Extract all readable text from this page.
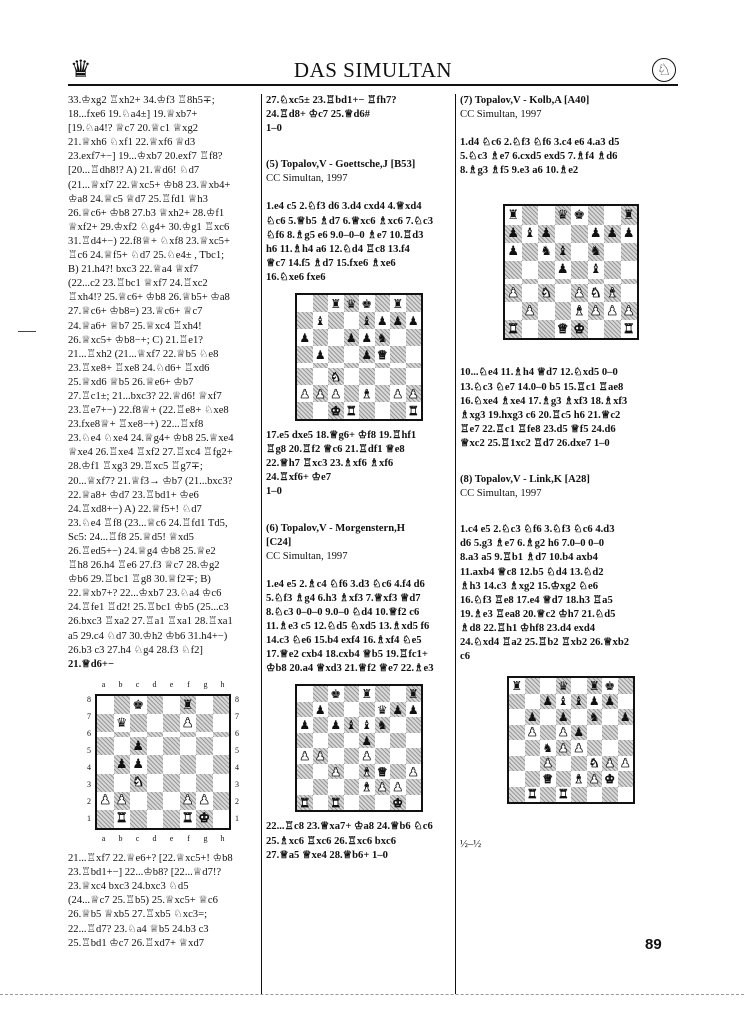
♛	DAS SIMULTAN	♘

33.♔xg2 ♖xh2+ 34.♔f3 ♖8h5∓;

18...fxe6 19.♘a4±] 19.♕xb7+

[19.♘a4!? ♕c7 20.♕c1 ♕xg2

21.♕xh6 ♘xf1 22.♕xf6 ♕d3

23.exf7+−] 19...♔xb7 20.exf7 ♖f8?

[20...♖dh8!? A) 21.♕d6! ♘d7

(21...♕xf7 22.♕xc5+ ♔b8 23.♕xb4+

♔a8 24.♕c5 ♕d7 25.♖fd1 ♕h3

26.♕c6+ ♔b8 27.b3 ♕xh2+ 28.♔f1

♕xf2+ 29.♔xf2 ♘g4+ 30.♔g1 ♖xc6

31.♖d4+−) 22.f8♕+ ♘xf8 23.♕xc5+

♖c6 24.♕f5+ ♘d7 25.♘e4± , Tbc1;

B) 21.h4?! bxc3 22.♕a4 ♕xf7

(22...c2 23.♖bc1 ♕xf7 24.♖xc2

♖xh4!? 25.♕c6+ ♔b8 26.♕b5+ ♔a8

27.♕c6+ ♔b8=) 23.♕c6+ ♕c7

24.♕a6+ ♕b7 25.♕xc4 ♖xh4!

26.♕xc5+ ♔b8−+; C) 21.♖e1?

21...♖xh2 (21...♕xf7 22.♕b5 ♘e8

23.♖xe8+ ♖xe8 24.♘d6+ ♖xd6

25.♕xd6 ♕b5 26.♕e6+ ♔b7

27.♖c1±; 21...bxc3? 22.♕d6! ♕xf7

23.♖e7+−) 22.f8♕+ (22.♖e8+ ♘xe8

23.fxe8♕+ ♖xe8−+) 22...♖xf8

23.♘e4 ♘xe4 24.♕g4+ ♔b8 25.♕xe4

♕xe4 26.♖xe4 ♖xf2 27.♖xc4 ♖fg2+

28.♔f1 ♖xg3 29.♖xc5 ♖g7∓;

20...♕xf7? 21.♕f3→ ♔b7 (21...bxc3?

22.♕a8+ ♔d7 23.♖bd1+ ♔e6

24.♖xd8+−) A) 22.♕f5+! ♘d7

23.♘e4 ♖f8 (23...♕c6 24.♖fd1 Td5,

Sc5: 24...♖f8 25.♕d5! ♕xd5

26.♖ed5+−) 24.♕g4 ♔b8 25.♕e2

♖h8 26.h4 ♖e6 27.f3 ♕c7 28.♔g2

♔b6 29.♖bc1 ♖g8 30.♕f2∓; B)

22.♕xb7+? 22...♔xb7 23.♘a4 ♔c6

24.♖fe1 ♖d2! 25.♖bc1 ♔b5 (25...c3

26.bxc3 ♖xa2 27.♖a1 ♖xa1 28.♖xa1

a5 29.c4 ♘d7 30.♔h2 ♔b6 31.h4+−)

26.b3 c3 27.h4 ♘g4 28.f3 ♘f2]

21.♕d6+−

a	b	c	d	e	f	g	h
♚	♜
♛	♟
♟
♟ ♟
♞
♟ ♟	♟ ♟
♜	♜ ♚
a	b	c	d	e	f	g	h
8
7
6
5
4
3
2
1
8
7
6
5
4
3
2
1

21...♖xf7 22.♕e6+? [22.♕xc5+! ♔b8

23.♖bd1+−] 22...♔b8? [22...♕d7!?

23.♕xc4 bxc3 24.bxc3 ♘d5

(24...♕c7 25.♖b5) 25.♕xc5+ ♕c6

26.♕b5 ♕xb5 27.♖xb5 ♘xc3=;

22...♖d7? 23.♘a4 ♕b5 24.b3 c3

25.♖bd1 ♔c7 26.♖xd7+ ♕xd7

27.♘xc5± 23.♖bd1+− ♖fh7?

24.♖d8+ ♔c7 25.♕d6#

1–0

(5) Topalov,V - Goettsche,J [B53]

CC Simultan, 1997

1.e4 c5 2.♘f3 d6 3.d4 cxd4 4.♕xd4

♘c6 5.♕b5 ♗d7 6.♕xc6 ♗xc6 7.♘c3

♘f6 8.♗g5 e6 9.0–0–0 ♗e7 10.♖d3

h6 11.♗h4 a6 12.♘d4 ♖c8 13.f4

♕c7 14.f5 ♗d7 15.fxe6 ♗xe6

16.♘xe6 fxe6

♜ ♛ ♚ ♜
♝	♝ ♟ ♟ ♟
♟	♟ ♟ ♞
♟	♟ ♛
♞
♟ ♟ ♟ ♝ ♟ ♟
♚ ♜	♜

17.e5 dxe5 18.♕g6+ ♔f8 19.♖hf1

♖g8 20.♖f2 ♕c6 21.♖df1 ♕e8

22.♕h7 ♖xc3 23.♗xf6 ♗xf6

24.♖xf6+ ♔e7

1–0

(6) Topalov,V - Morgenstern,H

[C24]

CC Simultan, 1997

1.e4 e5 2.♗c4 ♘f6 3.d3 ♘c6 4.f4 d6

5.♘f3 ♗g4 6.h3 ♗xf3 7.♕xf3 ♕d7

8.♘c3 0–0–0 9.0–0 ♘d4 10.♕f2 c6

11.♗e3 c5 12.♘d5 ♘xd5 13.♗xd5 f6

14.c3 ♘e6 15.b4 exf4 16.♗xf4 ♘e5

17.♕e2 cxb4 18.cxb4 ♕b5 19.♖fc1+

♔b8 20.a4 ♕xd3 21.♕f2 ♕e7 22.♗e3

♚ ♜	♜
♟	♛ ♟ ♟
♟ ♟ ♝ ♝ ♞
♟
♟ ♟	♟
♟ ♝ ♛ ♟
♝ ♟ ♟
♜ ♜	♚

22...♖c8 23.♕xa7+ ♔a8 24.♕b6 ♘c6

25.♗xc6 ♖xc6 26.♖xc6 bxc6

27.♕a5 ♕xe4 28.♕b6+ 1–0

(7) Topalov,V - Kolb,A [A40]

CC Simultan, 1997

1.d4 ♘c6 2.♘f3 ♘f6 3.c4 e6 4.a3 d5

5.♘c3 ♗e7 6.cxd5 exd5 7.♗f4 ♗d6

8.♗g3 ♗f5 9.e3 a6 10.♗e2

♜	♛ ♚	♜
♟ ♝ ♟	♟ ♟ ♟
♟ ♞ ♝ ♞
♟ ♝
♟ ♞ ♟ ♞ ♝
♟	♝ ♟ ♟ ♟
♜	♛ ♚	♜

10...♘e4 11.♗h4 ♕d7 12.♘xd5 0–0

13.♘c3 ♘e7 14.0–0 b5 15.♖c1 ♖ae8

16.♘xe4 ♗xe4 17.♗g3 ♗xf3 18.♗xf3

♗xg3 19.hxg3 c6 20.♖c5 h6 21.♕c2

♖e7 22.♖c1 ♖fe8 23.d5 ♕f5 24.d6

♕xc2 25.♖1xc2 ♖d7 26.dxe7 1–0

(8) Topalov,V - Link,K [A28]

CC Simultan, 1997

1.c4 e5 2.♘c3 ♘f6 3.♘f3 ♘c6 4.d3

d6 5.g3 ♗e7 6.♗g2 h6 7.0–0 0–0

8.a3 a5 9.♖b1 ♗d7 10.b4 axb4

11.axb4 ♕c8 12.b5 ♘d4 13.♘d2

♗h3 14.c3 ♗xg2 15.♔xg2 ♘e6

16.♘f3 ♖e8 17.e4 ♕d7 18.h3 ♖a5

19.♗e3 ♖ea8 20.♕c2 ♔h7 21.♘d5

♗d8 22.♖h1 ♔hf8 23.d4 exd4

24.♘xd4 ♖a2 25.♖b2 ♖xb2 26.♕xb2

c6

♜	♛ ♜ ♚
♟ ♝ ♝ ♟ ♟
♟ ♟ ♞ ♟
♟ ♟ ♟
♞ ♟ ♟
♟	♞ ♟ ♟
♛ ♝ ♟ ♚
♜ ♜

½–½

89
